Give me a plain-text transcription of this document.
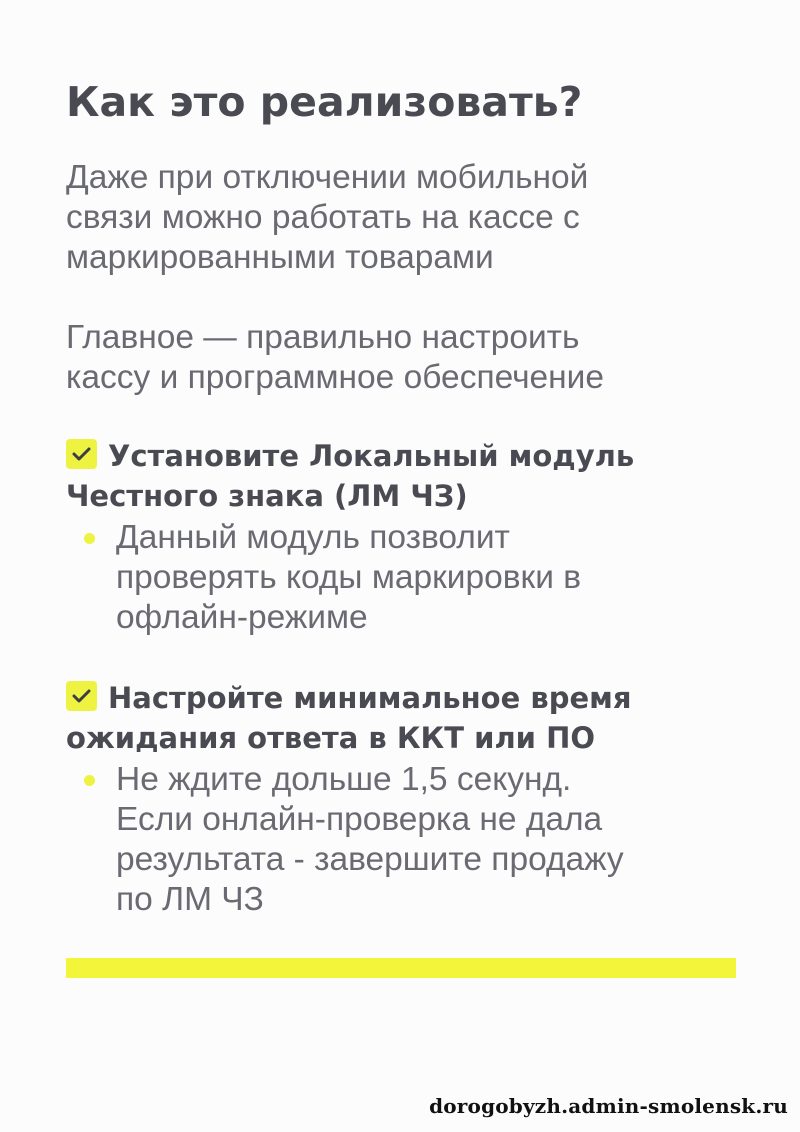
Как это реализовать?

Даже при отключении мобильной
связи можно работать на кассе с
маркированными товарами

Главное — правильно настроить
кассу и программное обеспечение

Установите Локальный модуль
Честного знака (ЛМ ЧЗ)
Данный модуль позволит
проверять коды маркировки в
офлайн-режиме
Настройте минимальное время
ожидания ответа в ККТ или ПО
Не ждите дольше 1,5 секунд.
Если онлайн-проверка не дала
результата - завершите продажу
по ЛМ ЧЗ
dorogobyzh.admin-smolensk.ru
